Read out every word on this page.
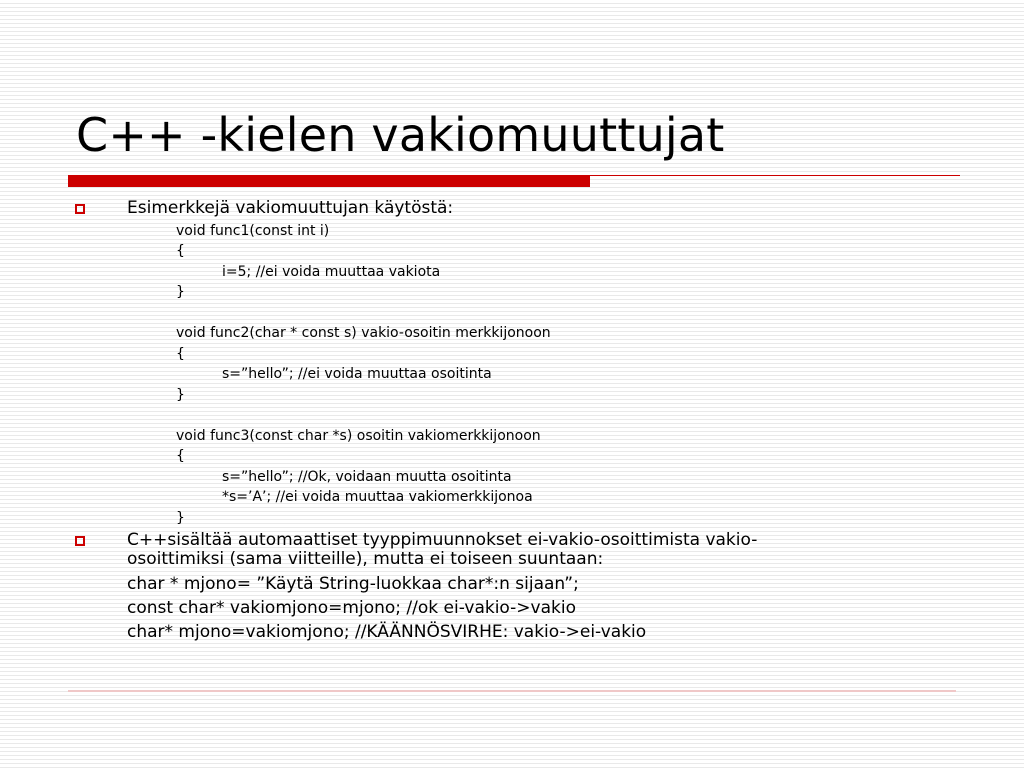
C++ -kielen vakiomuuttujat
Esimerkkejä vakiomuuttujan käytöstä:
void func1(const int i)
{
i=5; //ei voida muuttaa vakiota
}
void func2(char * const s) vakio-osoitin merkkijonoon
{
s=”hello”; //ei voida muuttaa osoitinta
}
void func3(const char *s) osoitin vakiomerkkijonoon
{
s=”hello”; //Ok, voidaan muutta osoitinta
*s=’A’; //ei voida muuttaa vakiomerkkijonoa
}
C++sisältää automaattiset tyyppimuunnokset ei-vakio-osoittimista vakio-
osoittimiksi (sama viitteille), mutta ei toiseen suuntaan:
char * mjono= ”Käytä String-luokkaa char*:n sijaan”;
const char* vakiomjono=mjono; //ok ei-vakio->vakio
char* mjono=vakiomjono; //KÄÄNNÖSVIRHE: vakio->ei-vakio
